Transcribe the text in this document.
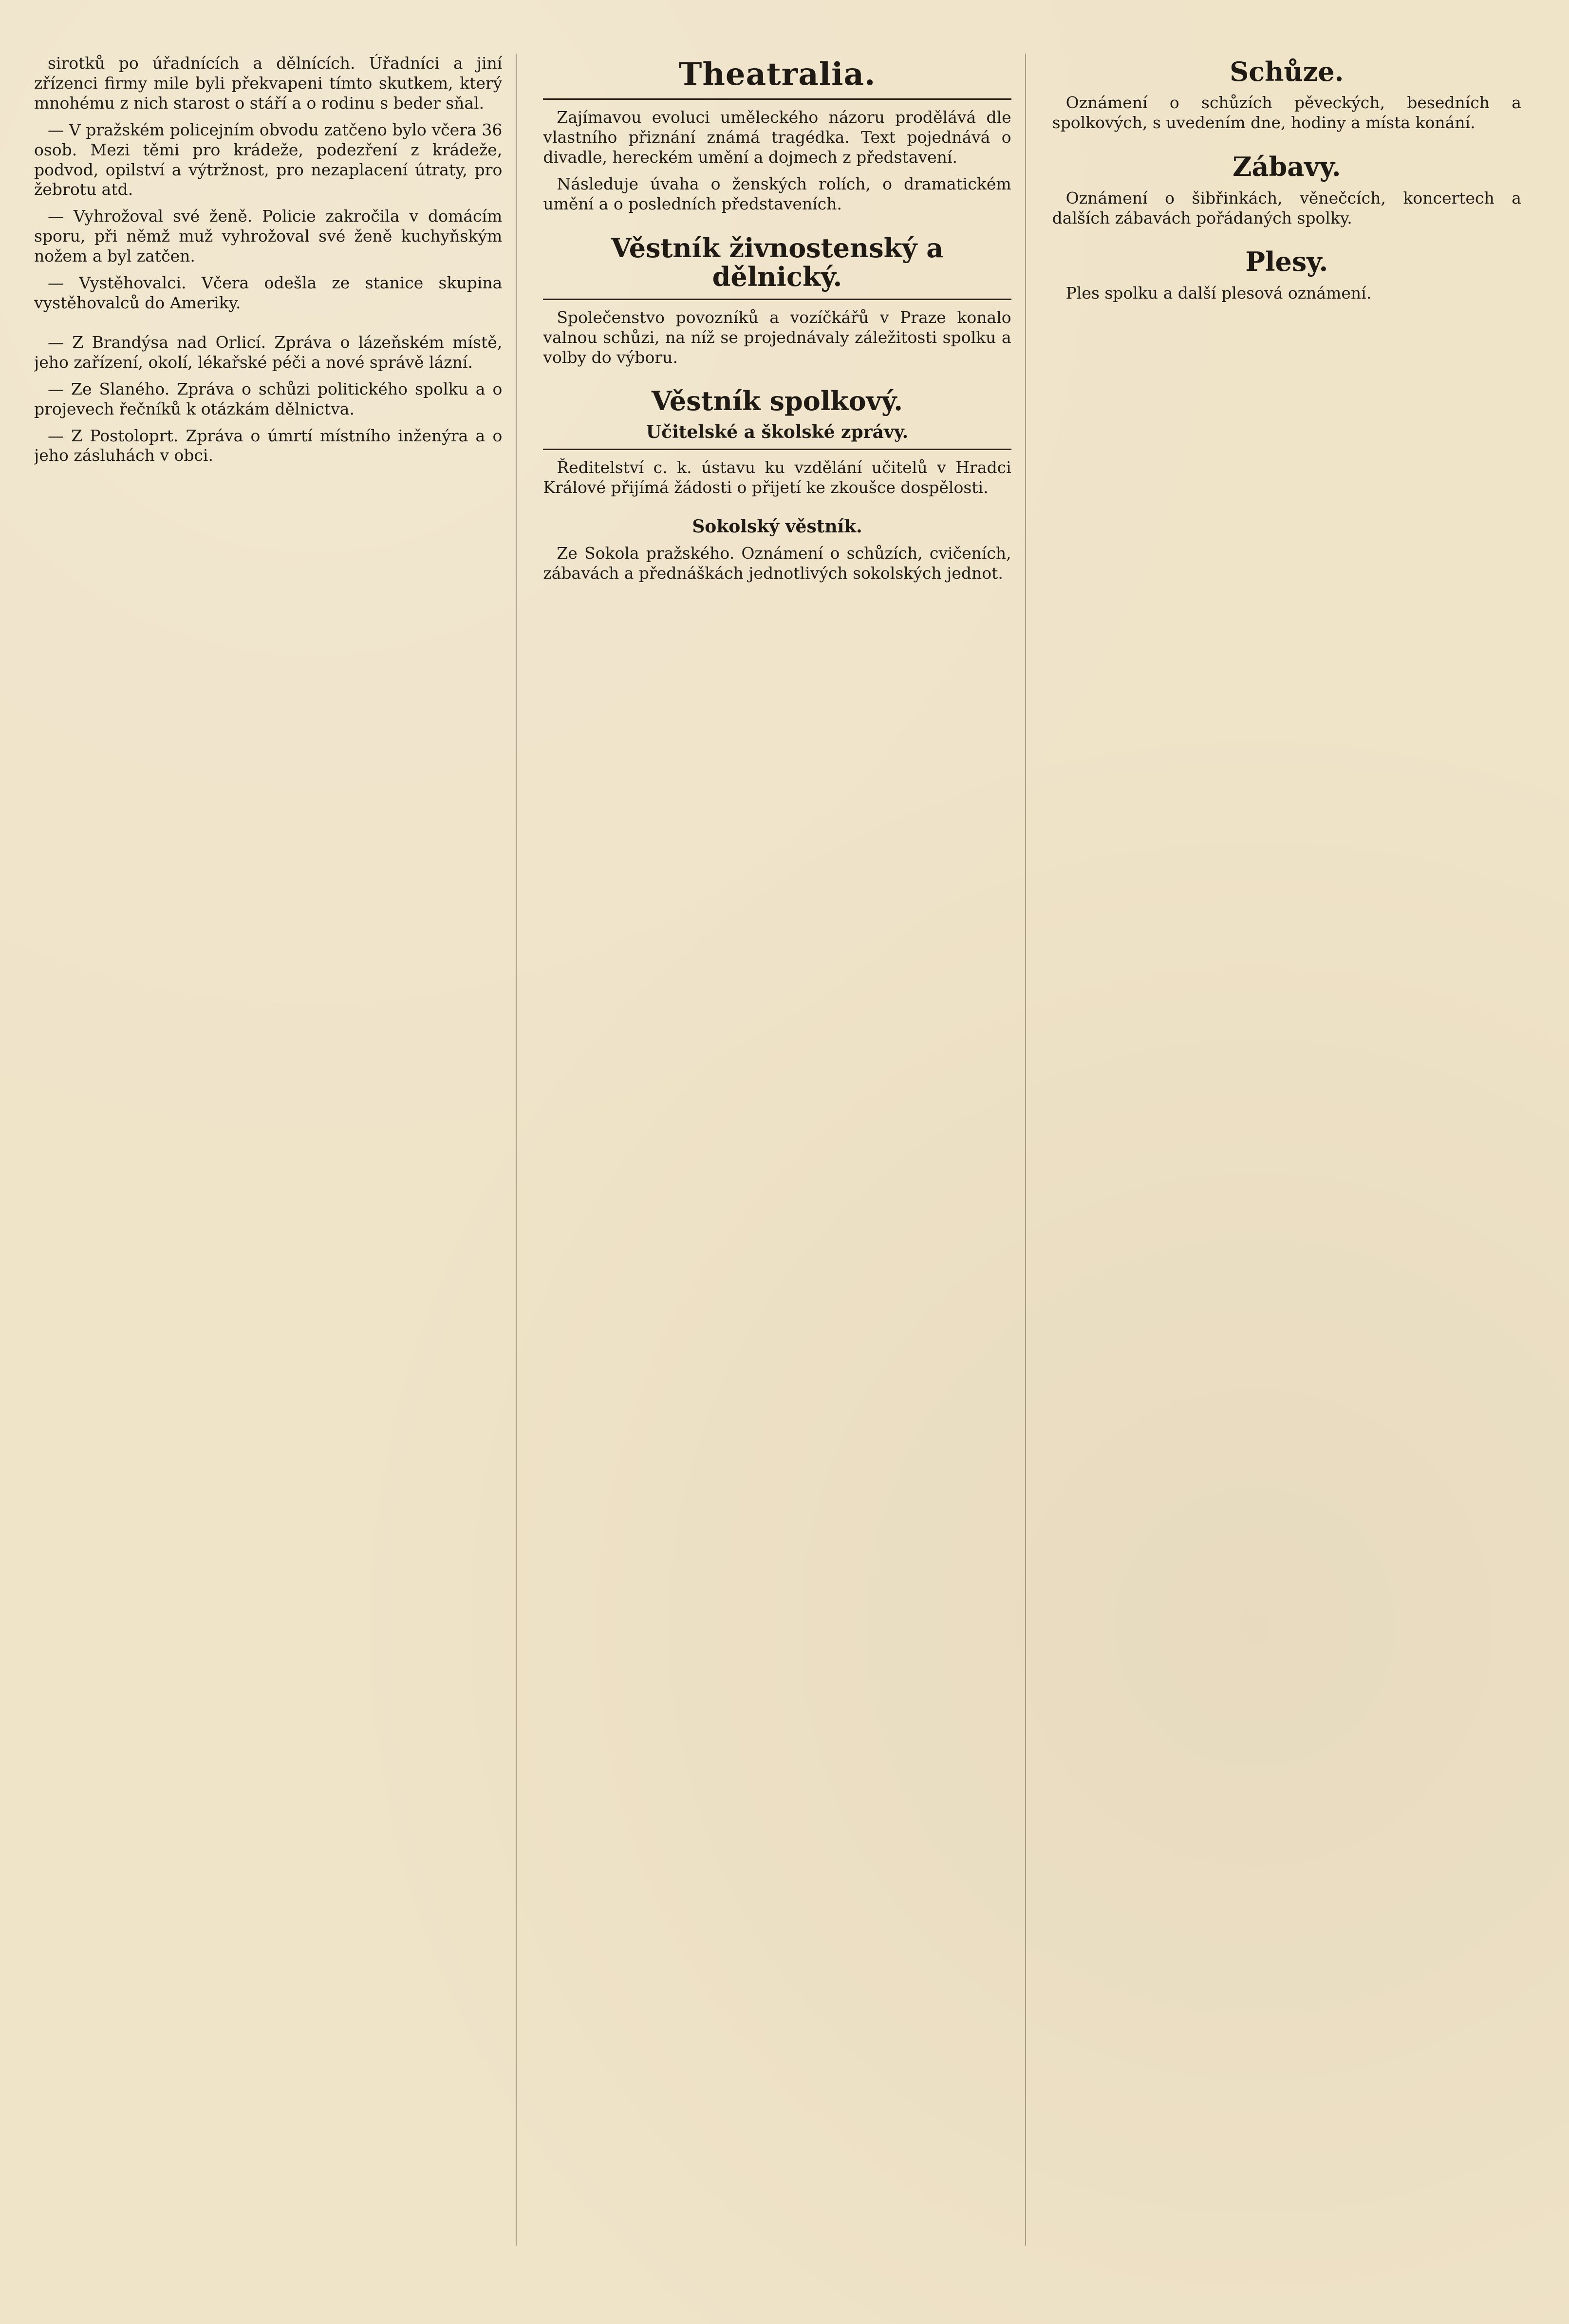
sirotků po úřadnících a dělnících. Úřadníci a jiní zřízenci firmy mile byli překvapeni tímto skutkem, který mnohému z nich starost o stáří a o rodinu s beder sňal.

— V pražském policejním obvodu zatčeno bylo včera 36 osob. Mezi těmi pro krádeže, podezření z krádeže, podvod, opilství a výtržnost, pro nezaplacení útraty, pro žebrotu atd.

— Vyhrožoval své ženě. Policie zakročila v domácím sporu, při němž muž vyhrožoval své ženě kuchyňským nožem a byl zatčen.

— Vystěhovalci. Včera odešla ze stanice skupina vystěhovalců do Ameriky.

— Z Brandýsa nad Orlicí. Zpráva o lázeňském místě, jeho zařízení, okolí, lékařské péči a nové správě lázní.

— Ze Slaného. Zpráva o schůzi politického spolku a o projevech řečníků k otázkám dělnictva.

— Z Postoloprt. Zpráva o úmrtí místního inženýra a o jeho zásluhách v obci.

Theatralia.

Zajímavou evoluci uměleckého názoru prodělává dle vlastního přiznání známá tragédka. Text pojednává o divadle, hereckém umění a dojmech z představení.

Následuje úvaha o ženských rolích, o dramatickém umění a o posledních představeních.

Věstník živnostenský a dělnický.

Společenstvo povozníků a vozíčkářů v Praze konalo valnou schůzi, na níž se projednávaly záležitosti spolku a volby do výboru.

Věstník spolkový.
Učitelské a školské zprávy.

Ředitelství c. k. ústavu ku vzdělání učitelů v Hradci Králové přijímá žádosti o přijetí ke zkoušce dospělosti.

Sokolský věstník.

Ze Sokola pražského. Oznámení o schůzích, cvičeních, zábavách a přednáškách jednotlivých sokolských jednot.

Schůze.

Oznámení o schůzích pěveckých, besedních a spolkových, s uvedením dne, hodiny a místa konání.

Zábavy.

Oznámení o šibřinkách, věnečcích, koncertech a dalších zábavách pořádaných spolky.

Plesy.

Ples spolku a další plesová oznámení.
